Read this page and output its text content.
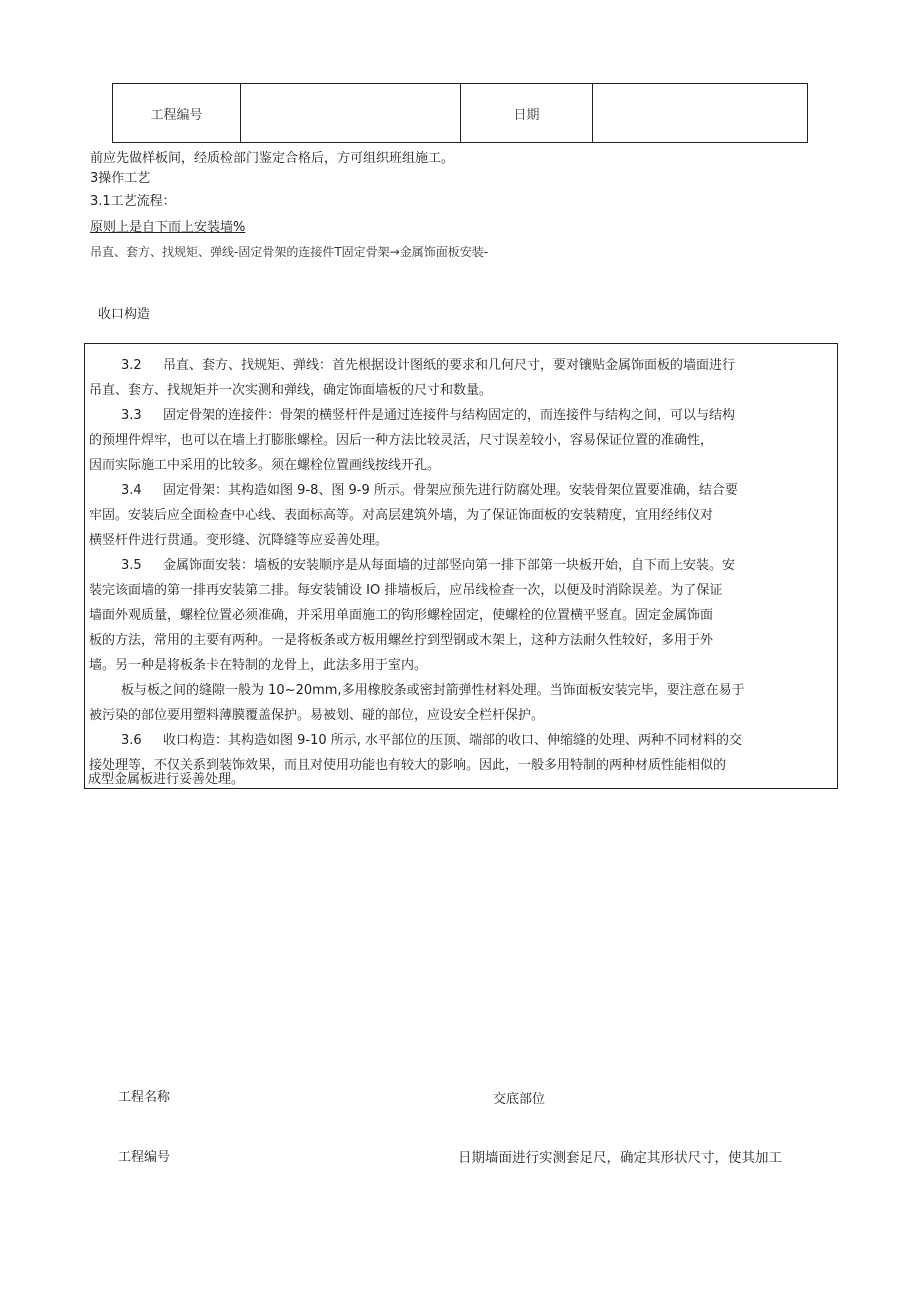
工程编号	日期
前应先做样板间，经质检部门鉴定合格后，方可组织班组施工。
3操作工艺
3.1工艺流程：
原则上是自下而上安装墙%
吊直、套方、找规矩、弹线-固定骨架的连接件T固定骨架→金属饰面板安装-
收口构造
3.2 吊直、套方、找规矩、弹线：首先根据设计图纸的要求和几何尺寸，要对镶贴金属饰面板的墙面进行
吊直、套方、找规矩并一次实测和弹线，确定饰面墙板的尺寸和数量。
3.3 固定骨架的连接件：骨架的横竖杆件是通过连接件与结构固定的，而连接件与结构之间，可以与结构
的预埋件焊牢，也可以在墙上打膨胀螺栓。因后一种方法比较灵活，尺寸误差较小，容易保证位置的准确性，
因而实际施工中采用的比较多。须在螺栓位置画线按线开孔。
3.4 固定骨架：其构造如图 9-8、图 9-9 所示。骨架应预先进行防腐处理。安装骨架位置要准确，结合要
牢固。安装后应全面检查中心线、表面标高等。对高层建筑外墙，为了保证饰面板的安装精度，宜用经纬仪对
横竖杆件进行贯通。变形缝、沉降缝等应妥善处理。
3.5 金属饰面安装：墙板的安装顺序是从每面墙的过部竖向第一排下部第一块板开始，自下而上安装。安
装完该面墙的第一排再安装第二排。每安装铺设 IO 排墙板后，应吊线检查一次，以便及时消除误差。为了保证
墙面外观质量，螺栓位置必须准确，并采用单面施工的钩形螺栓固定，使螺栓的位置横平竖直。固定金属饰面
板的方法，常用的主要有两种。一是将板条或方板用螺丝拧到型钢或木架上，这种方法耐久性较好，多用于外
墙。另一种是将板条卡在特制的龙骨上，此法多用于室内。
板与板之间的缝隙一般为 10~20mm,多用橡胶条或密封箭弹性材料处理。当饰面板安装完毕，要注意在易于
被污染的部位要用塑料薄膜覆盖保护。易被划、碰的部位，应设安全栏杆保护。
3.6 收口构造：其构造如图 9-10 所示, 水平部位的压顶、端部的收口、伸缩缝的处理、两种不同材料的交
接处理等，不仅关系到装饰效果，而且对使用功能也有较大的影响。因此，一般多用特制的两种材质性能相似的
成型金属板进行妥善处理。
工程名称	交底部位
工程编号	日期墙面进行实测套足尺，确定其形状尺寸，使其加工
